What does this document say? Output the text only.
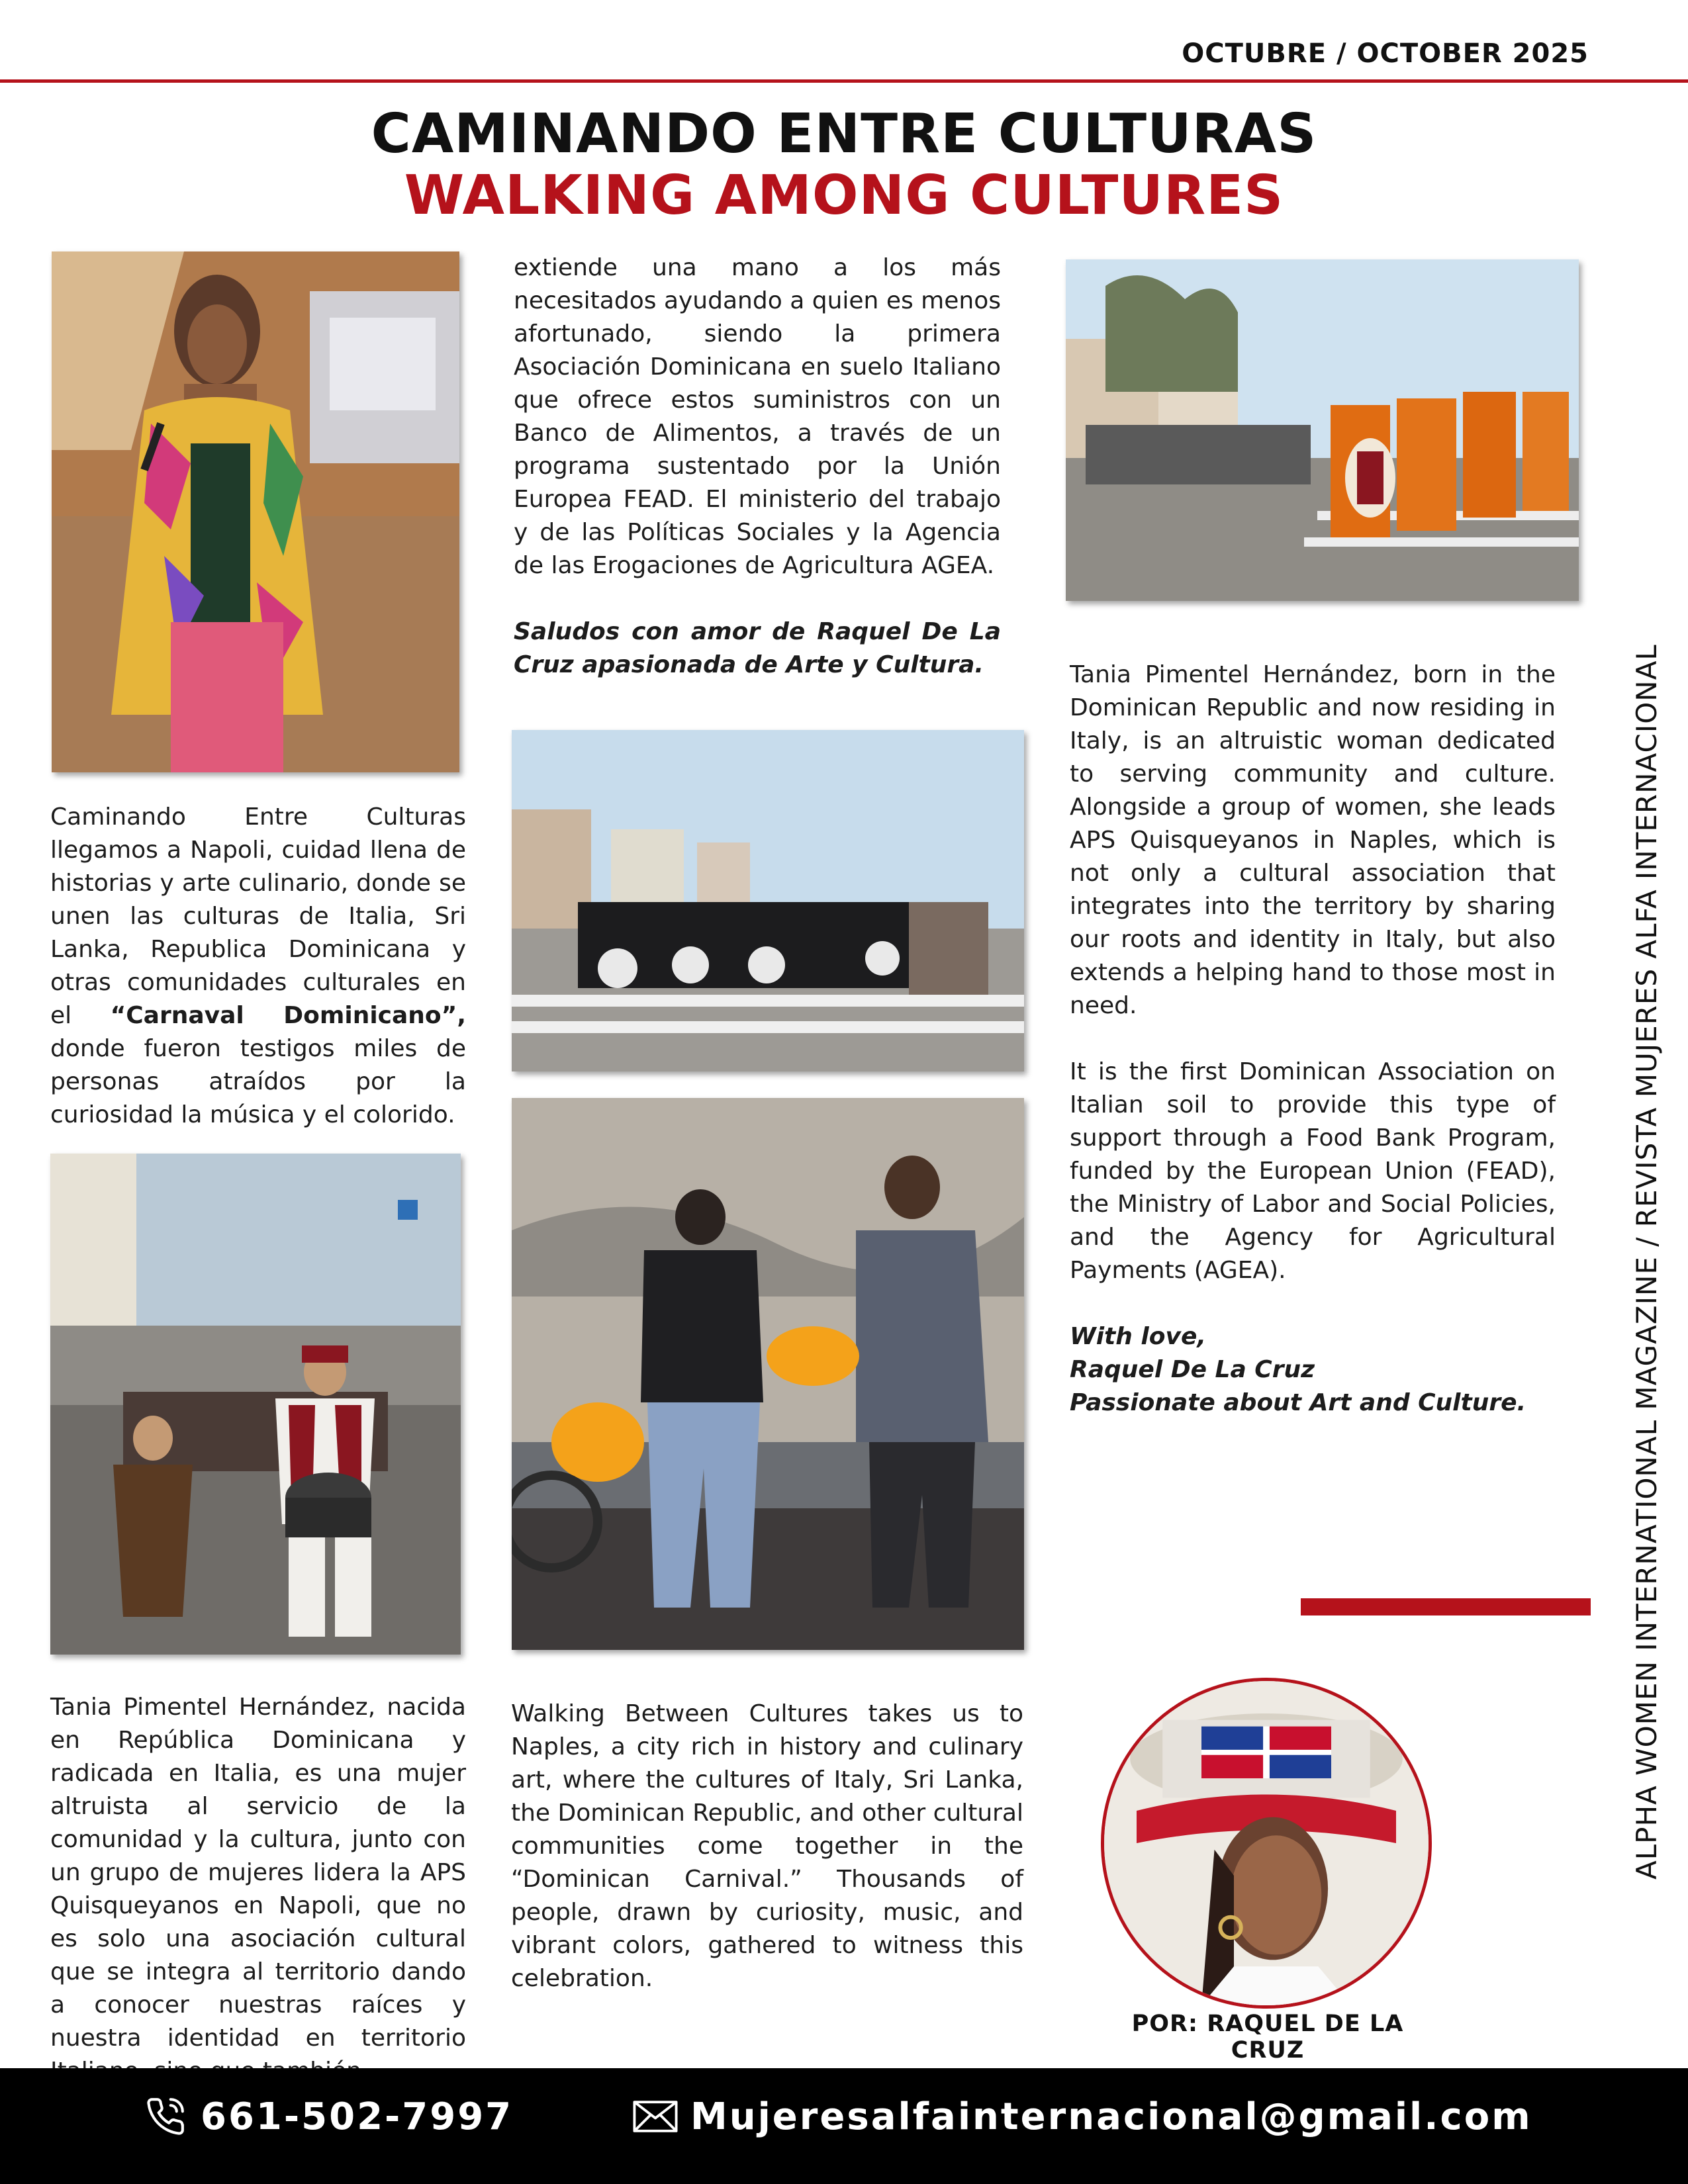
OCTUBRE / OCTOBER 2025
CAMINANDO ENTRE CULTURAS
WALKING AMONG CULTURES

Caminando Entre Culturas llegamos a Napoli, cuidad llena de historias y arte culinario, donde se unen las culturas de Italia, Sri Lanka, Republica Dominicana y otras comunidades culturales en el “Carnaval Dominicano”, donde fueron testigos miles de personas atraídos por la curiosidad la música y el colorido.

Tania Pimentel Hernández, nacida en República Dominicana y radicada en Italia, es una mujer altruista al servicio de la comunidad y la cultura, junto con un grupo de mujeres lidera la APS Quisqueyanos en Napoli, que no es solo una asociación cultural que se integra al territorio dando a conocer nuestras raíces y nuestra identidad en territorio

extiende una mano a los más necesitados ayudando a quien es menos afortunado, siendo la primera Asociación Dominicana en suelo Italiano que ofrece estos suministros con un Banco de Alimentos, a través de un programa sustentado por la Unión Europea FEAD. El ministerio del trabajo y de las Políticas Sociales y la Agencia de las Erogaciones de Agricultura AGEA.

Saludos con amor de Raquel De La Cruz apasionada de Arte y Cultura.

Walking Between Cultures takes us to Naples, a city rich in history and culinary art, where the cultures of Italy, Sri Lanka, the Dominican Republic, and other cultural communities come together in the “Dominican Carnival.” Thousands of people, drawn by curiosity, music, and vibrant colors, gathered to witness this celebration.

Tania Pimentel Hernández, born in the Dominican Republic and now residing in Italy, is an altruistic woman dedicated to serving community and culture. Alongside a group of women, she leads APS Quisqueyanos in Naples, which is not only a cultural association that integrates into the territory by sharing our roots and identity in Italy, but also extends a helping hand to those most in need.

It is the first Dominican Association on Italian soil to provide this type of support through a Food Bank Program, funded by the European Union (FEAD), the Ministry of Labor and Social Policies, and the Agency for Agricultural Payments (AGEA).

With love,
Raquel De La Cruz
Passionate about Art and Culture.	ALPHA WOMEN INTERNATIONAL MAGAZINE / REVISTA MUJERES ALFA INTERNACIONAL
POR: RAQUEL DE LA CRUZ
661-502-7997	Mujeresalfainternacional@gmail.com
